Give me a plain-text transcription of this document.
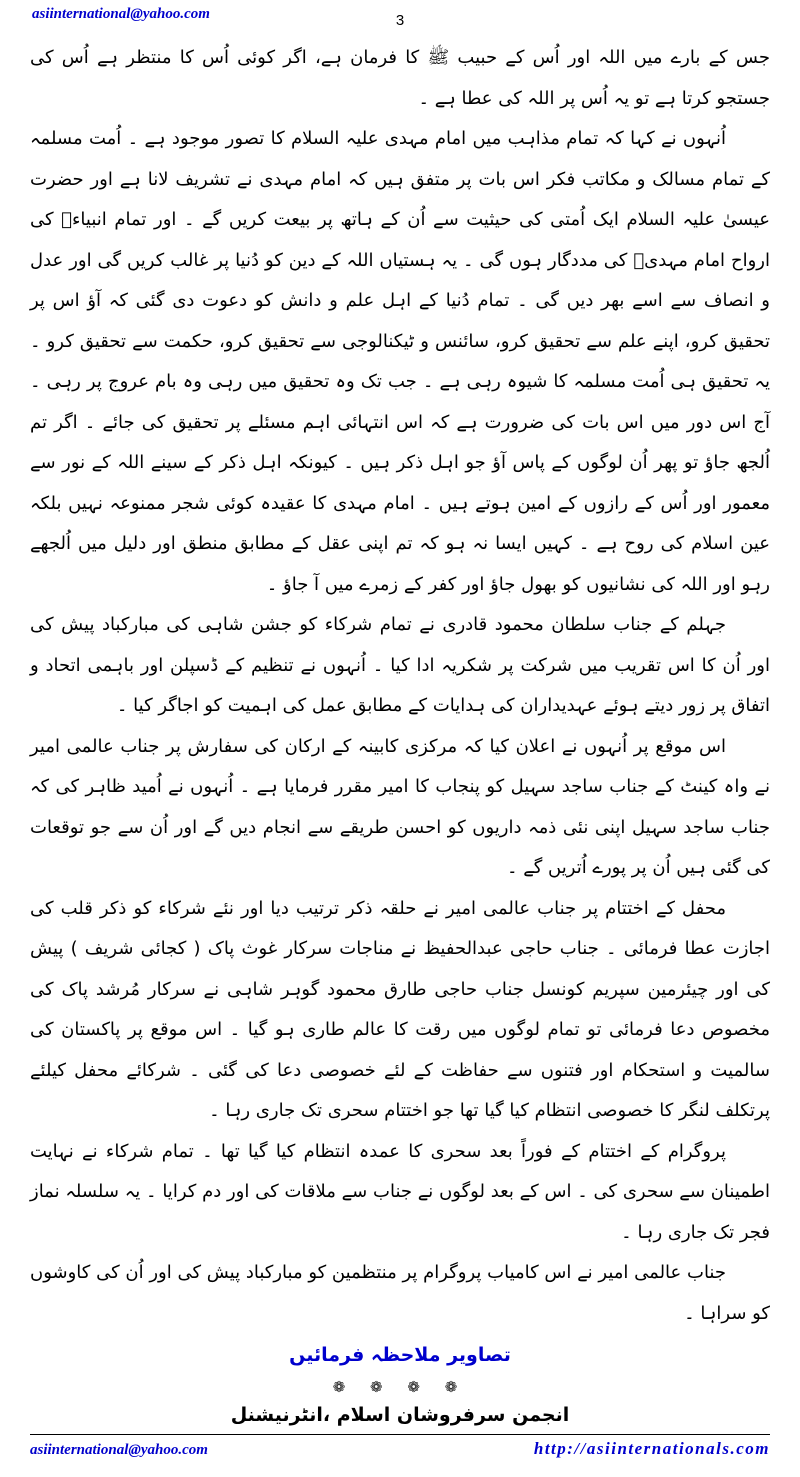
asiinternational@yahoo.com	3

جس کے بارے میں اللہ اور اُس کے حبیب ﷺ کا فرمان ہے، اگر کوئی اُس کا منتظر ہے اُس کی جستجو کرتا ہے تو یہ اُس پر اللہ کی عطا ہے ۔

اُنہوں نے کہا کہ تمام مذاہب میں امام مہدی علیہ السلام کا تصور موجود ہے ۔ اُمت مسلمہ کے تمام مسالک و مکاتب فکر اس بات پر متفق ہیں کہ امام مہدی نے تشریف لانا ہے اور حضرت عیسیٰ علیہ السلام ایک اُمتی کی حیثیت سے اُن کے ہاتھ پر بیعت کریں گے ۔ اور تمام انبیاءؑ کی ارواح امام مہدیؑ کی مددگار ہوں گی ۔ یہ ہستیاں اللہ کے دین کو دُنیا پر غالب کریں گی اور عدل و انصاف سے اسے بھر دیں گی ۔ تمام دُنیا کے اہل علم و دانش کو دعوت دی گئی کہ آؤ اس پر تحقیق کرو، اپنے علم سے تحقیق کرو، سائنس و ٹیکنالوجی سے تحقیق کرو، حکمت سے تحقیق کرو ۔ یہ تحقیق ہی اُمت مسلمہ کا شیوہ رہی ہے ۔ جب تک وہ تحقیق میں رہی وہ بام عروج پر رہی ۔ آج اس دور میں اس بات کی ضرورت ہے کہ اس انتہائی اہم مسئلے پر تحقیق کی جائے ۔ اگر تم اُلجھ جاؤ تو پھر اُن لوگوں کے پاس آؤ جو اہل ذکر ہیں ۔ کیونکہ اہل ذکر کے سینے اللہ کے نور سے معمور اور اُس کے رازوں کے امین ہوتے ہیں ۔ امام مہدی کا عقیدہ کوئی شجر ممنوعہ نہیں بلکہ عین اسلام کی روح ہے ۔ کہیں ایسا نہ ہو کہ تم اپنی عقل کے مطابق منطق اور دلیل میں اُلجھے رہو اور اللہ کی نشانیوں کو بھول جاؤ اور کفر کے زمرے میں آ جاؤ ۔

جہلم کے جناب سلطان محمود قادری نے تمام شرکاء کو جشن شاہی کی مبارکباد پیش کی اور اُن کا اس تقریب میں شرکت پر شکریہ ادا کیا ۔ اُنہوں نے تنظیم کے ڈسپلن اور باہمی اتحاد و اتفاق پر زور دیتے ہوئے عہدیداران کی ہدایات کے مطابق عمل کی اہمیت کو اجاگر کیا ۔

اس موقع پر اُنہوں نے اعلان کیا کہ مرکزی کابینہ کے ارکان کی سفارش پر جناب عالمی امیر نے واہ کینٹ کے جناب ساجد سہیل کو پنجاب کا امیر مقرر فرمایا ہے ۔ اُنہوں نے اُمید ظاہر کی کہ جناب ساجد سہیل اپنی نئی ذمہ داریوں کو احسن طریقے سے انجام دیں گے اور اُن سے جو توقعات کی گئی ہیں اُن پر پورے اُتریں گے ۔

محفل کے اختتام پر جناب عالمی امیر نے حلقہ ذکر ترتیب دیا اور نئے شرکاء کو ذکر قلب کی اجازت عطا فرمائی ۔ جناب حاجی عبدالحفیظ نے مناجات سرکار غوث پاک ( کجائی شریف ) پیش کی اور چیئرمین سپریم کونسل جناب حاجی طارق محمود گوہر شاہی نے سرکار مُرشد پاک کی مخصوص دعا فرمائی تو تمام لوگوں میں رقت کا عالم طاری ہو گیا ۔ اس موقع پر پاکستان کی سالمیت و استحکام اور فتنوں سے حفاظت کے لئے خصوصی دعا کی گئی ۔ شرکائے محفل کیلئے پرتکلف لنگر کا خصوصی انتظام کیا گیا تھا جو اختتام سحری تک جاری رہا ۔

پروگرام کے اختتام کے فوراً بعد سحری کا عمدہ انتظام کیا گیا تھا ۔ تمام شرکاء نے نہایت اطمینان سے سحری کی ۔ اس کے بعد لوگوں نے جناب سے ملاقات کی اور دم کرایا ۔ یہ سلسلہ نماز فجر تک جاری رہا ۔

جناب عالمی امیر نے اس کامیاب پروگرام پر منتظمین کو مبارکباد پیش کی اور اُن کی کاوشوں کو سراہا ۔

تصاویر ملاحظہ فرمائیں
❁ ❁ ❁ ❁
انجمن سرفروشان اسلام ،انٹرنیشنل
asiinternational@yahoo.com	http://asiinternationals.com
